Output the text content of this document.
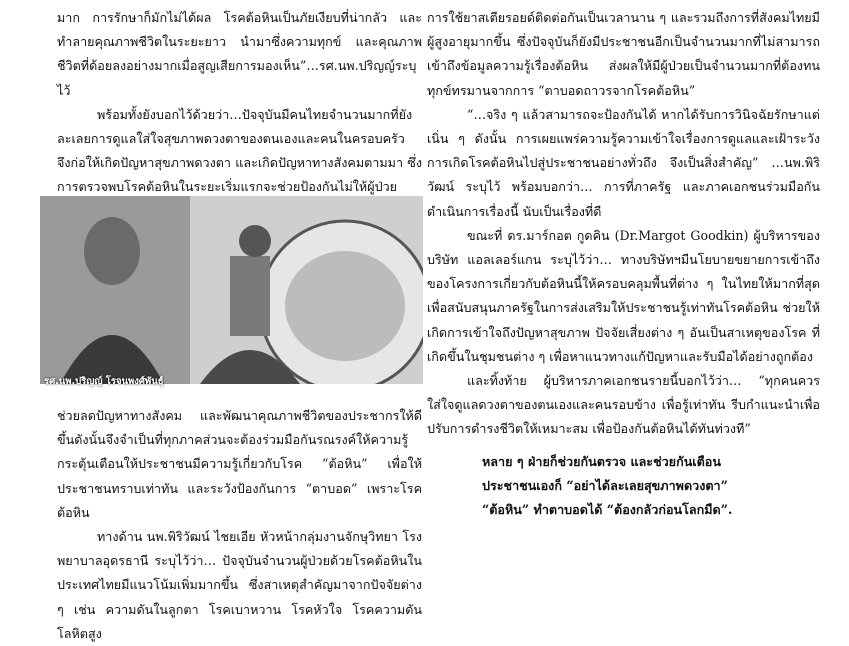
มาก การรักษาก็มักไม่ได้ผล โรคต้อหินเป็นภัยเงียบที่น่ากลัว และทำลายคุณภาพชีวิตในระยะยาว นำมาซึ่งความทุกข์ และคุณภาพชีวิตที่ด้อยลงอย่างมากเมื่อสูญเสียการมองเห็น”…รศ.นพ.ปริญญ์ระบุไว้

พร้อมทั้งยังบอกไว้ด้วยว่า…ปัจจุบันมีคนไทยจำนวนมากที่ยังละเลยการดูแลใส่ใจสุขภาพดวงตาของตนเองและคนในครอบครัว จึงก่อให้เกิดปัญหาสุขภาพดวงตา และเกิดปัญหาทางสังคมตามมา ซึ่งการตรวจพบโรคต้อหินในระยะเริ่มแรกจะช่วยป้องกันไม่ให้ผู้ป่วย

รศ.นพ.ปริญญ์ โรจนพงศ์พันธุ์

ช่วยลดปัญหาทางสังคม และพัฒนาคุณภาพชีวิตของประชากรให้ดีขึ้นดังนั้นจึงจำเป็นที่ทุกภาคส่วนจะต้องร่วมมือกันรณรงค์ให้ความรู้ กระตุ้นเตือนให้ประชาชนมีความรู้เกี่ยวกับโรค “ต้อหิน” เพื่อให้ประชาชนทราบเท่าทัน และระวังป้องกันการ “ตาบอด” เพราะโรคต้อหิน

ทางด้าน นพ.พิริวัฒน์ ไชยเอีย หัวหน้ากลุ่มงานจักษุวิทยา โรงพยาบาลอุดรธานี ระบุไว้ว่า… ปัจจุบันจำนวนผู้ป่วยด้วยโรคต้อหินในประเทศไทยมีแนวโน้มเพิ่มมากขึ้น ซึ่งสาเหตุสำคัญมาจากปัจจัยต่าง ๆ เช่น ความดันในลูกตา โรคเบาหวาน โรคหัวใจ โรคความดันโลหิตสูง

การใช้ยาสเตียรอยด์ติดต่อกันเป็นเวลานาน ๆ และรวมถึงการที่สังคมไทยมีผู้สูงอายุมากขึ้น ซึ่งปัจจุบันก็ยังมีประชาชนอีกเป็นจำนวนมากที่ไม่สามารถเข้าถึงข้อมูลความรู้เรื่องต้อหิน ส่งผลให้มีผู้ป่วยเป็นจำนวนมากที่ต้องทนทุกข์ทรมานจากการ “ตาบอดถาวรจากโรคต้อหิน”

“…จริง ๆ แล้วสามารถจะป้องกันได้ หากได้รับการวินิจฉัยรักษาแต่เนิ่น ๆ ดังนั้น การเผยแพร่ความรู้ความเข้าใจเรื่องการดูแลและเฝ้าระวังการเกิดโรคต้อหินไปสู่ประชาชนอย่างทั่วถึง จึงเป็นสิ่งสำคัญ” …นพ.พิริวัฒน์ ระบุไว้ พร้อมบอกว่า… การที่ภาครัฐ และภาคเอกชนร่วมมือกันดำเนินการเรื่องนี้ นับเป็นเรื่องที่ดี

ขณะที่ ดร.มาร์กอต กูดคิน (Dr.Margot Goodkin) ผู้บริหารของบริษัท แอลเลอร์แกน ระบุไว้ว่า… ทางบริษัทฯมีนโยบายขยายการเข้าถึงของโครงการเกี่ยวกับต้อหินนี้ให้ครอบคลุมพื้นที่ต่าง ๆ ในไทยให้มากที่สุด เพื่อสนับสนุนภาครัฐในการส่งเสริมให้ประชาชนรู้เท่าทันโรคต้อหิน ช่วยให้เกิดการเข้าใจถึงปัญหาสุขภาพ ปัจจัยเสี่ยงต่าง ๆ อันเป็นสาเหตุของโรค ที่เกิดขึ้นในชุมชนต่าง ๆ เพื่อหาแนวทางแก้ปัญหาและรับมือได้อย่างถูกต้อง

และทิ้งท้าย ผู้บริหารภาคเอกชนรายนี้บอกไว้ว่า… “ทุกคนควรใส่ใจดูแลดวงตาของตนเองและคนรอบข้าง เพื่อรู้เท่าทัน รีบกำแนะนำเพื่อปรับการดำรงชีวิตให้เหมาะสม เพื่อป้องกันต้อหินได้ทันท่วงที”

หลาย ๆ ฝ่ายก็ช่วยกันตรวจ และช่วยกันเตือน
ประชาชนเองก็ “อย่าได้ละเลยสุขภาพดวงตา”
“ต้อหิน” ทำตาบอดได้ “ต้องกลัวก่อนโลกมืด”.
